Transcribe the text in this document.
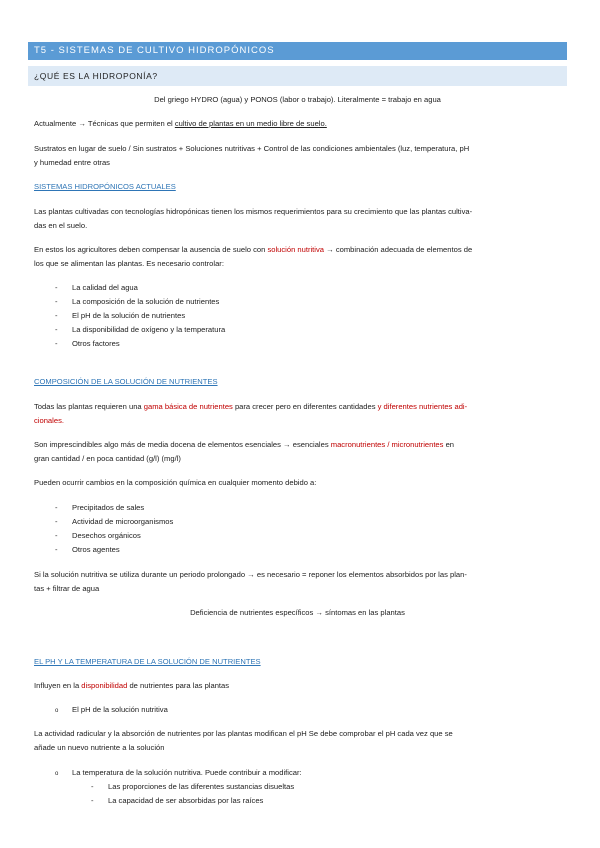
T5 - SISTEMAS DE CULTIVO HIDROPÓNICOS
¿QUÉ ES LA HIDROPONÍA?
Del griego HYDRO (agua) y PONOS (labor o trabajo). Literalmente = trabajo en agua
Actualmente → Técnicas que permiten el cultivo de plantas en un medio libre de suelo.
Sustratos en lugar de suelo / Sin sustratos + Soluciones nutritivas + Control de las condiciones ambientales (luz, temperatura, pH
y humedad entre otras
SISTEMAS HIDROPÓNICOS ACTUALES
Las plantas cultivadas con tecnologías hidropónicas tienen los mismos requerimientos para su crecimiento que las plantas cultiva-
das en el suelo.
En estos los agricultores deben compensar la ausencia de suelo con solución nutritiva → combinación adecuada de elementos de
los que se alimentan las plantas. Es necesario controlar:
- La calidad del agua
- La composición de la solución de nutrientes
- El pH de la solución de nutrientes
- La disponibilidad de oxígeno y la temperatura
- Otros factores
COMPOSICIÓN DE LA SOLUCIÓN DE NUTRIENTES
Todas las plantas requieren una gama básica de nutrientes para crecer pero en diferentes cantidades y diferentes nutrientes adi-
cionales.
Son imprescindibles algo más de media docena de elementos esenciales → esenciales macronutrientes / micronutrientes en
gran cantidad / en poca cantidad (g/l) (mg/l)
Pueden ocurrir cambios en la composición química en cualquier momento debido a:
- Precipitados de sales
- Actividad de microorganismos
- Desechos orgánicos
- Otros agentes
Si la solución nutritiva se utiliza durante un periodo prolongado → es necesario = reponer los elementos absorbidos por las plan-
tas + filtrar de agua
Deficiencia de nutrientes específicos → síntomas en las plantas
EL PH Y LA TEMPERATURA DE LA SOLUCIÓN DE NUTRIENTES
Influyen en la disponibilidad de nutrientes para las plantas
o El pH de la solución nutritiva
La actividad radicular y la absorción de nutrientes por las plantas modifican el pH Se debe comprobar el pH cada vez que se
añade un nuevo nutriente a la solución
o La temperatura de la solución nutritiva. Puede contribuir a modificar:
- Las proporciones de las diferentes sustancias disueltas
- La capacidad de ser absorbidas por las raíces
